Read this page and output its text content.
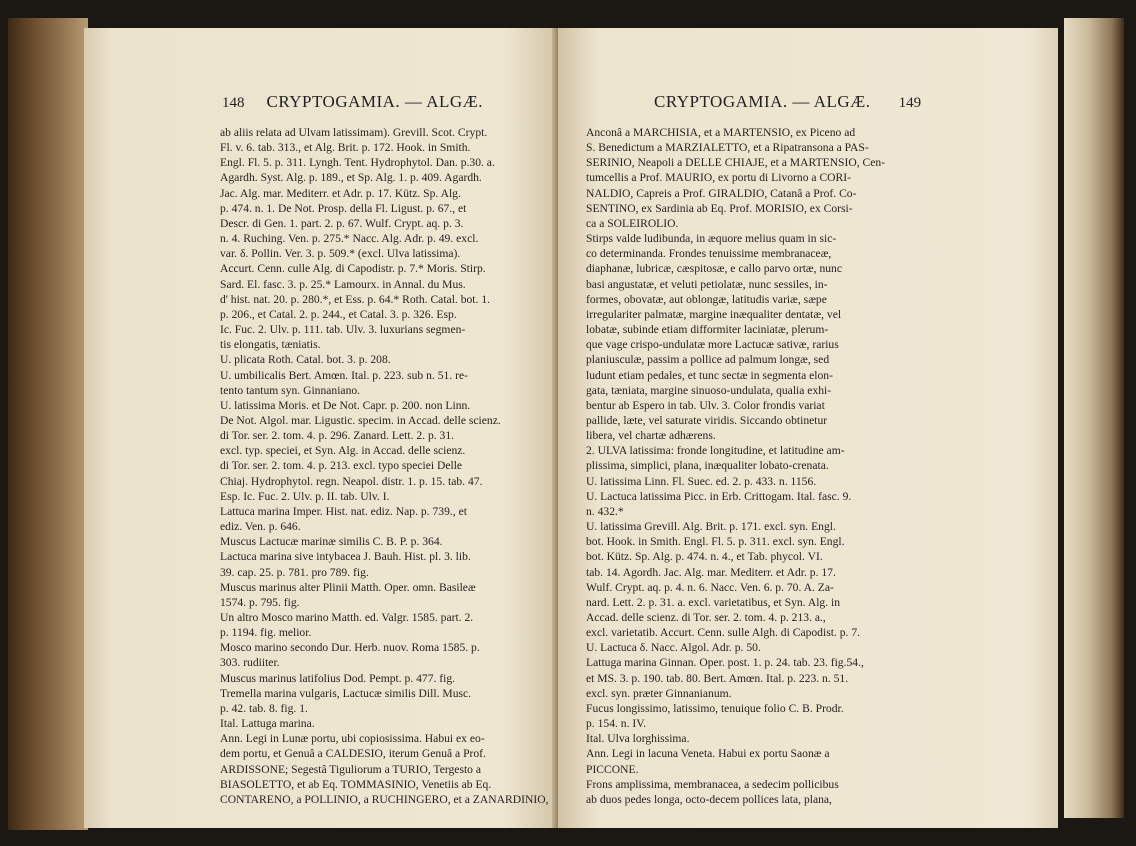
148 CRYPTOGAMIA. — ALGÆ.

ab aliis relata ad Ulvam latissimam). Grevill. Scot. Crypt.

Fl. v. 6. tab. 313., et Alg. Brit. p. 172. Hook. in Smith.

Engl. Fl. 5. p. 311. Lyngh. Tent. Hydrophytol. Dan. p.30. a.

Agardh. Syst. Alg. p. 189., et Sp. Alg. 1. p. 409. Agardh.

Jac. Alg. mar. Mediterr. et Adr. p. 17. Kütz. Sp. Alg.

p. 474. n. 1. De Not. Prosp. della Fl. Ligust. p. 67., et

Descr. di Gen. 1. part. 2. p. 67. Wulf. Crypt. aq. p. 3.

n. 4. Ruching. Ven. p. 275.* Nacc. Alg. Adr. p. 49. excl.

var. δ. Pollin. Ver. 3. p. 509.* (excl. Ulva latissima).

Accurt. Cenn. culle Alg. di Capodistr. p. 7.* Moris. Stirp.

Sard. El. fasc. 3. p. 25.* Lamourx. in Annal. du Mus.

d' hist. nat. 20. p. 280.*, et Ess. p. 64.* Roth. Catal. bot. 1.

p. 206., et Catal. 2. p. 244., et Catal. 3. p. 326. Esp.

Ic. Fuc. 2. Ulv. p. 111. tab. Ulv. 3. luxurians segmen-

tis elongatis, tæniatis.

U. plicata Roth. Catal. bot. 3. p. 208.

U. umbilicalis Bert. Amœn. Ital. p. 223. sub n. 51. re-

tento tantum syn. Ginnaniano.

U. latissima Moris. et De Not. Capr. p. 200. non Linn.

De Not. Algol. mar. Ligustic. specim. in Accad. delle scienz.

di Tor. ser. 2. tom. 4. p. 296. Zanard. Lett. 2. p. 31.

excl. typ. speciei, et Syn. Alg. in Accad. delle scienz.

di Tor. ser. 2. tom. 4. p. 213. excl. typo speciei Delle

Chiaj. Hydrophytol. regn. Neapol. distr. 1. p. 15. tab. 47.

Esp. Ic. Fuc. 2. Ulv. p. II. tab. Ulv. I.

Lattuca marina Imper. Hist. nat. ediz. Nap. p. 739., et

ediz. Ven. p. 646.

Muscus Lactucæ marinæ similis C. B. P. p. 364.

Lactuca marina sive intybacea J. Bauh. Hist. pl. 3. lib.

39. cap. 25. p. 781. pro 789. fig.

Muscus marinus alter Plinii Matth. Oper. omn. Basileæ

1574. p. 795. fig.

Un altro Mosco marino Matth. ed. Valgr. 1585. part. 2.

p. 1194. fig. melior.

Mosco marino secondo Dur. Herb. nuov. Roma 1585. p.

303. rudiiter.

Muscus marinus latifolius Dod. Pempt. p. 477. fig.

Tremella marina vulgaris, Lactucæ similis Dill. Musc.

p. 42. tab. 8. fig. 1.

Ital. Lattuga marina.

Ann. Legi in Lunæ portu, ubi copiosissima. Habui ex eo-

dem portu, et Genuâ a CALDESIO, iterum Genuâ a Prof.

ARDISSONE; Segestâ Tiguliorum a TURIO, Tergesto a

BIASOLETTO, et ab Eq. TOMMASINIO, Venetiis ab Eq.

CONTARENO, a POLLINIO, a RUCHINGERO, et a ZANARDINIO,

CRYPTOGAMIA. — ALGÆ. 149

Anconâ a MARCHISIA, et a MARTENSIO, ex Piceno ad

S. Benedictum a MARZIALETTO, et a Ripatransona a PAS-

SERINIO, Neapoli a DELLE CHIAJE, et a MARTENSIO, Cen-

tumcellis a Prof. MAURIO, ex portu di Livorno a CORI-

NALDIO, Capreis a Prof. GIRALDIO, Catanâ a Prof. Co-

SENTINO, ex Sardinia ab Eq. Prof. MORISIO, ex Corsi-

ca a SOLEIROLIO.

Stirps valde ludibunda, in æquore melius quam in sic-

co determinanda. Frondes tenuissime membranaceæ,

diaphanæ, lubricæ, cæspitosæ, e callo parvo ortæ, nunc

basi angustatæ, et veluti petiolatæ, nunc sessiles, in-

formes, obovatæ, aut oblongæ, latitudis variæ, sæpe

irregulariter palmatæ, margine inæqualiter dentatæ, vel

lobatæ, subinde etiam difformiter laciniatæ, plerum-

que vage crispo-undulatæ more Lactucæ sativæ, rarius

planiusculæ, passim a pollice ad palmum longæ, sed

ludunt etiam pedales, et tunc sectæ in segmenta elon-

gata, tæniata, margine sinuoso-undulata, qualia exhi-

bentur ab Espero in tab. Ulv. 3. Color frondis variat

pallide, læte, vel saturate viridis. Siccando obtinetur

libera, vel chartæ adhærens.

2. ULVA latissima: fronde longitudine, et latitudine am-

plissima, simplici, plana, inæqualiter lobato-crenata.

U. latissima Linn. Fl. Suec. ed. 2. p. 433. n. 1156.

U. Lactuca latissima Picc. in Erb. Crittogam. Ital. fasc. 9.

n. 432.*

U. latissima Grevill. Alg. Brit. p. 171. excl. syn. Engl.

bot. Hook. in Smith. Engl. Fl. 5. p. 311. excl. syn. Engl.

bot. Kütz. Sp. Alg. p. 474. n. 4., et Tab. phycol. VI.

tab. 14. Agordh. Jac. Alg. mar. Mediterr. et Adr. p. 17.

Wulf. Crypt. aq. p. 4. n. 6. Nacc. Ven. 6. p. 70. A. Za-

nard. Lett. 2. p. 31. a. excl. varietatibus, et Syn. Alg. in

Accad. delle scienz. di Tor. ser. 2. tom. 4. p. 213. a.,

excl. varietatib. Accurt. Cenn. sulle Algh. di Capodist. p. 7.

U. Lactuca δ. Nacc. Algol. Adr. p. 50.

Lattuga marina Ginnan. Oper. post. 1. p. 24. tab. 23. fig.54.,

et MS. 3. p. 190. tab. 80. Bert. Amœn. Ital. p. 223. n. 51.

excl. syn. præter Ginnanianum.

Fucus longissimo, latissimo, tenuique folio C. B. Prodr.

p. 154. n. IV.

Ital. Ulva lorghissima.

Ann. Legi in lacuna Veneta. Habui ex portu Saonæ a

PICCONE.

Frons amplissima, membranacea, a sedecim pollicibus

ab duos pedes longa, octo-decem pollices lata, plana,
